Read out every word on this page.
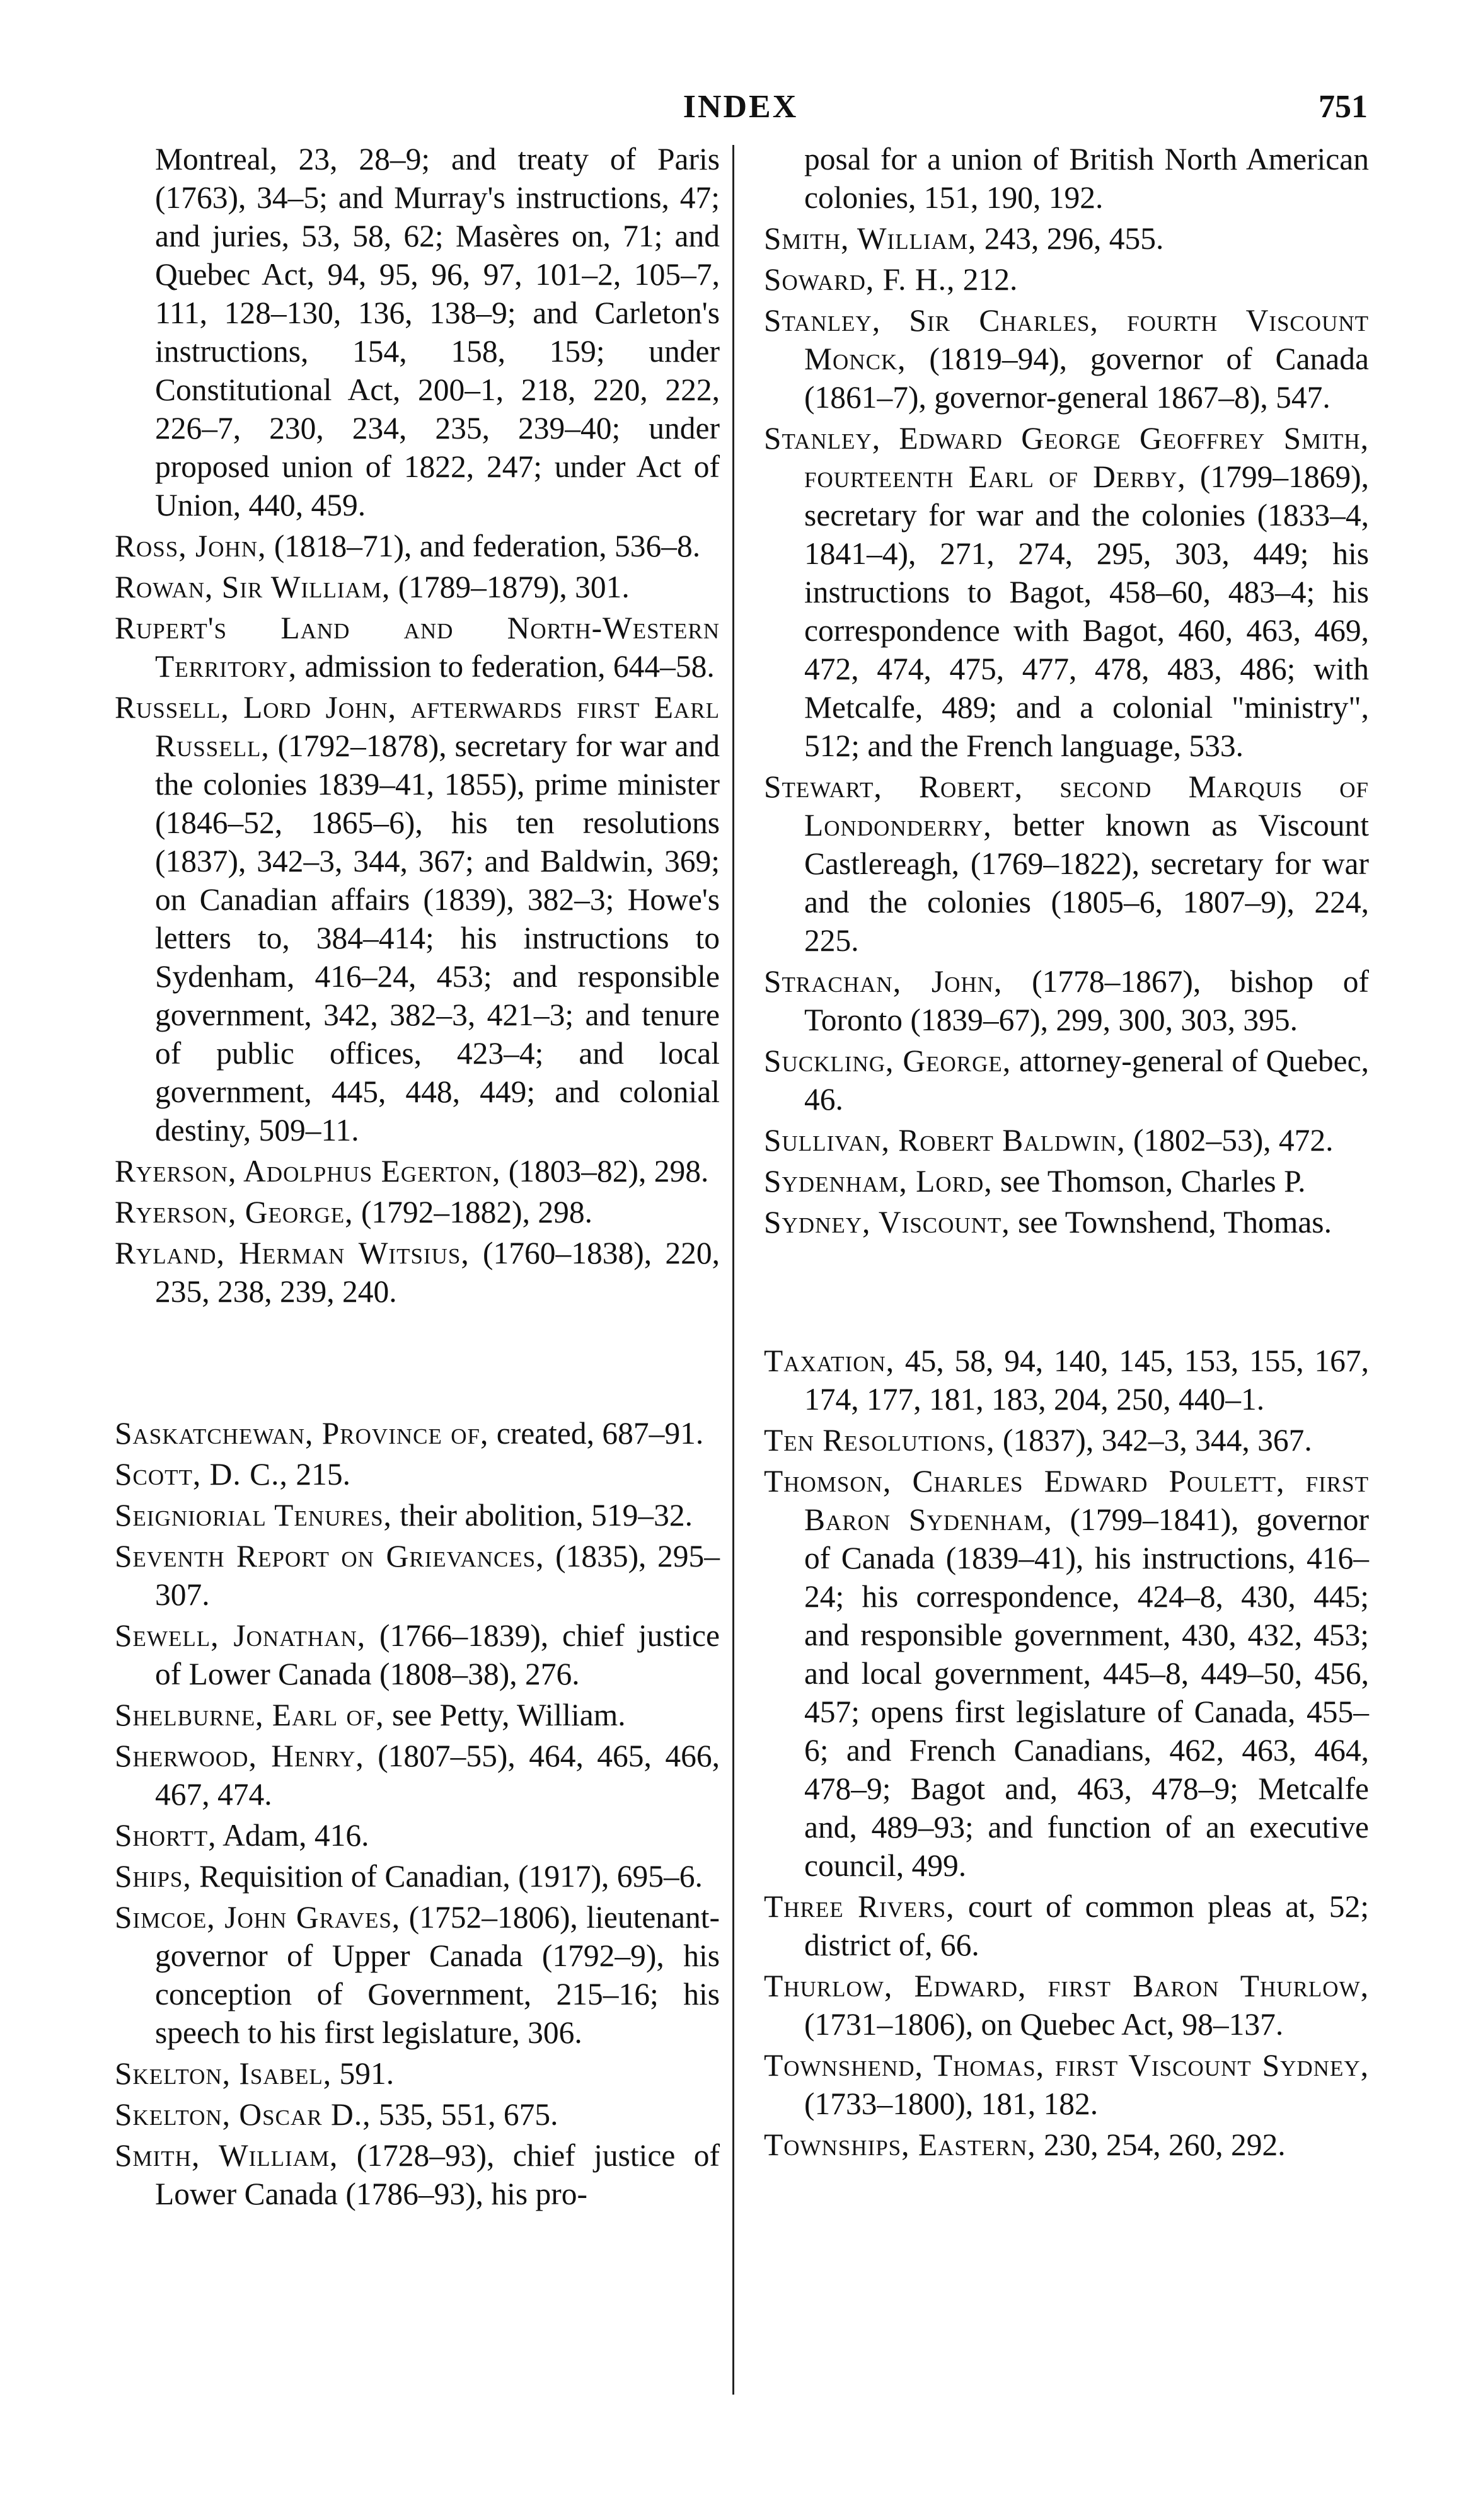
INDEX	751

Montreal, 23, 28–9; and treaty of Paris (1763), 34–5; and Murray's instructions, 47; and juries, 53, 58, 62; Masères on, 71; and Quebec Act, 94, 95, 96, 97, 101–2, 105–7, 111, 128–130, 136, 138–9; and Carleton's instructions, 154, 158, 159; under Constitutional Act, 200–1, 218, 220, 222, 226–7, 230, 234, 235, 239–40; under proposed union of 1822, 247; under Act of Union, 440, 459.

Ross, John, (1818–71), and federation, 536–8.

Rowan, Sir William, (1789–1879), 301.

Rupert's Land and North-Western Territory, admission to federation, 644–58.

Russell, Lord John, afterwards first Earl Russell, (1792–1878), secretary for war and the colonies 1839–41, 1855), prime minister (1846–52, 1865–6), his ten resolutions (1837), 342–3, 344, 367; and Baldwin, 369; on Canadian affairs (1839), 382–3; Howe's letters to, 384–414; his instructions to Sydenham, 416–24, 453; and responsible government, 342, 382–3, 421–3; and tenure of public offices, 423–4; and local government, 445, 448, 449; and colonial destiny, 509–11.

Ryerson, Adolphus Egerton, (1803–82), 298.

Ryerson, George, (1792–1882), 298.

Ryland, Herman Witsius, (1760–1838), 220, 235, 238, 239, 240.

Saskatchewan, Province of, created, 687–91.

Scott, D. C., 215.

Seigniorial Tenures, their abolition, 519–32.

Seventh Report on Grievances, (1835), 295–307.

Sewell, Jonathan, (1766–1839), chief justice of Lower Canada (1808–38), 276.

Shelburne, Earl of, see Petty, William.

Sherwood, Henry, (1807–55), 464, 465, 466, 467, 474.

Shortt, Adam, 416.

Ships, Requisition of Canadian, (1917), 695–6.

Simcoe, John Graves, (1752–1806), lieutenant-governor of Upper Canada (1792–9), his conception of Government, 215–16; his speech to his first legislature, 306.

Skelton, Isabel, 591.

Skelton, Oscar D., 535, 551, 675.

Smith, William, (1728–93), chief justice of Lower Canada (1786–93), his pro-

posal for a union of British North American colonies, 151, 190, 192.

Smith, William, 243, 296, 455.

Soward, F. H., 212.

Stanley, Sir Charles, fourth Viscount Monck, (1819–94), governor of Canada (1861–7), governor-general 1867–8), 547.

Stanley, Edward George Geoffrey Smith, fourteenth Earl of Derby, (1799–1869), secretary for war and the colonies (1833–4, 1841–4), 271, 274, 295, 303, 449; his instructions to Bagot, 458–60, 483–4; his correspondence with Bagot, 460, 463, 469, 472, 474, 475, 477, 478, 483, 486; with Metcalfe, 489; and a colonial "ministry", 512; and the French language, 533.

Stewart, Robert, second Marquis of Londonderry, better known as Viscount Castlereagh, (1769–1822), secretary for war and the colonies (1805–6, 1807–9), 224, 225.

Strachan, John, (1778–1867), bishop of Toronto (1839–67), 299, 300, 303, 395.

Suckling, George, attorney-general of Quebec, 46.

Sullivan, Robert Baldwin, (1802–53), 472.

Sydenham, Lord, see Thomson, Charles P.

Sydney, Viscount, see Townshend, Thomas.

Taxation, 45, 58, 94, 140, 145, 153, 155, 167, 174, 177, 181, 183, 204, 250, 440–1.

Ten Resolutions, (1837), 342–3, 344, 367.

Thomson, Charles Edward Poulett, first Baron Sydenham, (1799–1841), governor of Canada (1839–41), his instructions, 416–24; his correspondence, 424–8, 430, 445; and responsible government, 430, 432, 453; and local government, 445–8, 449–50, 456, 457; opens first legislature of Canada, 455–6; and French Canadians, 462, 463, 464, 478–9; Bagot and, 463, 478–9; Metcalfe and, 489–93; and function of an executive council, 499.

Three Rivers, court of common pleas at, 52; district of, 66.

Thurlow, Edward, first Baron Thurlow, (1731–1806), on Quebec Act, 98–137.

Townshend, Thomas, first Viscount Sydney, (1733–1800), 181, 182.

Townships, Eastern, 230, 254, 260, 292.
